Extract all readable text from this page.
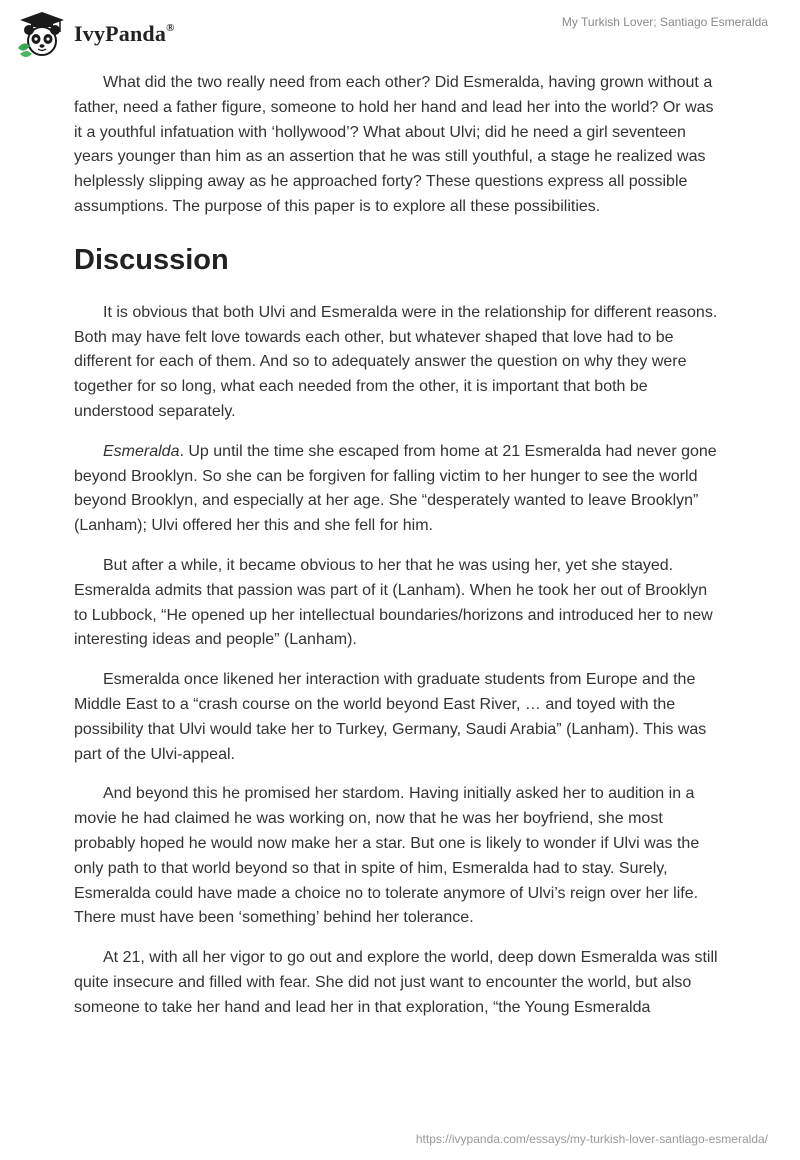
IvyPanda®	My Turkish Lover; Santiago Esmeralda

What did the two really need from each other? Did Esmeralda, having grown without a father, need a father figure, someone to hold her hand and lead her into the world? Or was it a youthful infatuation with ‘hollywood’? What about Ulvi; did he need a girl seventeen years younger than him as an assertion that he was still youthful, a stage he realized was helplessly slipping away as he approached forty? These questions express all possible assumptions. The purpose of this paper is to explore all these possibilities.

Discussion

It is obvious that both Ulvi and Esmeralda were in the relationship for different reasons. Both may have felt love towards each other, but whatever shaped that love had to be different for each of them. And so to adequately answer the question on why they were together for so long, what each needed from the other, it is important that both be understood separately.

Esmeralda. Up until the time she escaped from home at 21 Esmeralda had never gone beyond Brooklyn. So she can be forgiven for falling victim to her hunger to see the world beyond Brooklyn, and especially at her age. She “desperately wanted to leave Brooklyn” (Lanham); Ulvi offered her this and she fell for him.

But after a while, it became obvious to her that he was using her, yet she stayed. Esmeralda admits that passion was part of it (Lanham). When he took her out of Brooklyn to Lubbock, “He opened up her intellectual boundaries/horizons and introduced her to new interesting ideas and people” (Lanham).

Esmeralda once likened her interaction with graduate students from Europe and the Middle East to a “crash course on the world beyond East River, … and toyed with the possibility that Ulvi would take her to Turkey, Germany, Saudi Arabia” (Lanham). This was part of the Ulvi-appeal.

And beyond this he promised her stardom. Having initially asked her to audition in a movie he had claimed he was working on, now that he was her boyfriend, she most probably hoped he would now make her a star. But one is likely to wonder if Ulvi was the only path to that world beyond so that in spite of him, Esmeralda had to stay. Surely, Esmeralda could have made a choice no to tolerate anymore of Ulvi’s reign over her life. There must have been ‘something’ behind her tolerance.

At 21, with all her vigor to go out and explore the world, deep down Esmeralda was still quite insecure and filled with fear. She did not just want to encounter the world, but also someone to take her hand and lead her in that exploration, “the Young Esmeralda

https://ivypanda.com/essays/my-turkish-lover-santiago-esmeralda/
